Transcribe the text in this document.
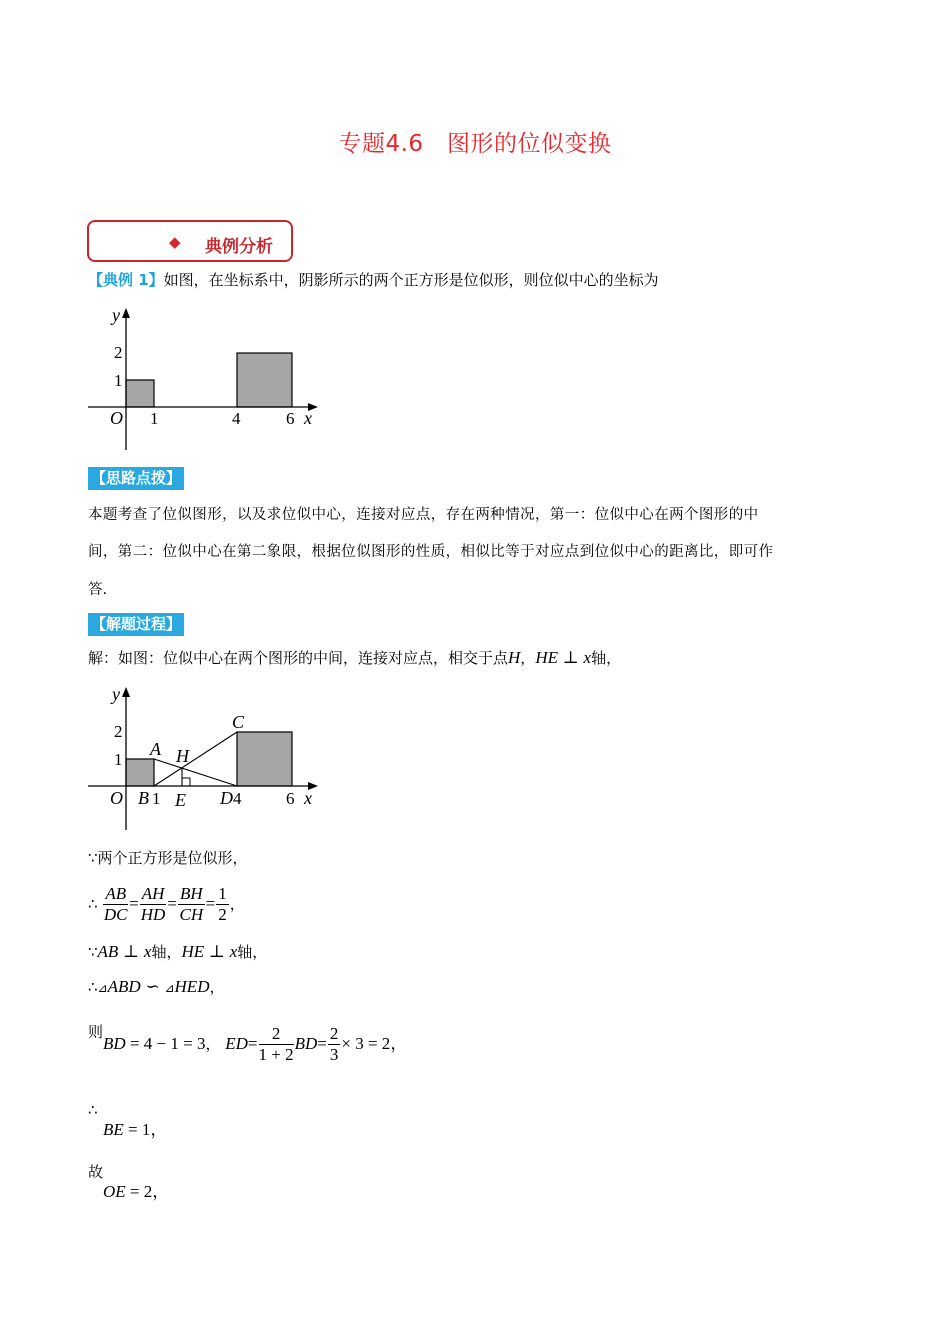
专题4.6　图形的位似变换
◆ 典例分析
【典例 1】如图，在坐标系中，阴影所示的两个正方形是位似形，则位似中心的坐标为
y
x
O
1
2
1	4	6
【思路点拨】
本题考查了位似图形，以及求位似中心，连接对应点，存在两种情况，第一：位似中心在两个图形的中
间，第二：位似中心在第二象限，根据位似图形的性质，相似比等于对应点到位似中心的距离比，即可作
答.
【解题过程】
解：如图：位似中心在两个图形的中间，连接对应点，相交于点H，HE ⊥ x轴，
y
x
O
1
2
A H
C
B 1 E D 4	6
∵两个正方形是位似形，
∴ $\frac{AB}{DC} = \frac{AH}{HD} = \frac{BH}{CH} = \frac{1}{2}$ ，
∵AB ⊥ x轴，HE ⊥ x轴，
∴⊿ABD ∽ ⊿HED，
则BD = 4 − 1 = 3， $ED= \frac{2}{1 + 2} BD= \frac{2}{3} \times 3 = 2$，
∴
BE = 1，
故
OE = 2，
